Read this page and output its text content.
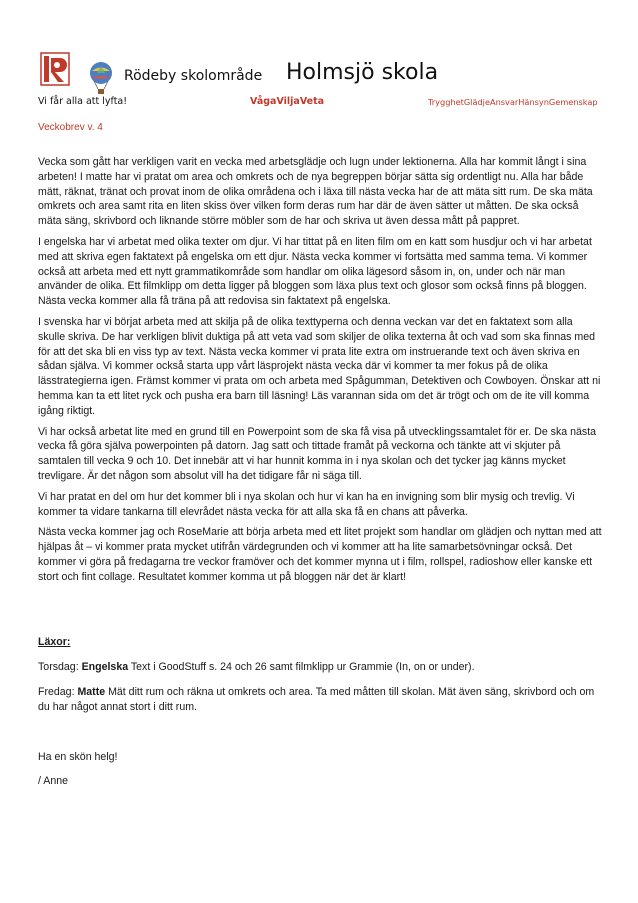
Rödeby skolområde Holmsjö skola
Vi får alla att lyfta!	VågaViljaVeta	TrygghetGlädjeAnsvarHänsynGemenskap
Veckobrev v. 4

Vecka som gått har verkligen varit en vecka med arbetsglädje och lugn under lektionerna. Alla har kommit långt i sina arbeten! I matte har vi pratat om area och omkrets och de nya begreppen börjar sätta sig ordentligt nu. Alla har både mätt, räknat, tränat och provat inom de olika områdena och i läxa till nästa vecka har de att mäta sitt rum. De ska mäta omkrets och area samt rita en liten skiss över vilken form deras rum har där de även sätter ut måtten. De ska också mäta säng, skrivbord och liknande större möbler som de har och skriva ut även dessa mått på pappret.

I engelska har vi arbetat med olika texter om djur. Vi har tittat på en liten film om en katt som husdjur och vi har arbetat med att skriva egen faktatext på engelska om ett djur. Nästa vecka kommer vi fortsätta med samma tema. Vi kommer också att arbeta med ett nytt grammatikområde som handlar om olika lägesord såsom in, on, under och när man använder de olika. Ett filmklipp om detta ligger på bloggen som läxa plus text och glosor som också finns på bloggen. Nästa vecka kommer alla få träna på att redovisa sin faktatext på engelska.

I svenska har vi börjat arbeta med att skilja på de olika texttyperna och denna veckan var det en faktatext som alla skulle skriva. De har verkligen blivit duktiga på att veta vad som skiljer de olika texterna åt och vad som ska finnas med för att det ska bli en viss typ av text. Nästa vecka kommer vi prata lite extra om instruerande text och även skriva en sådan själva. Vi kommer också starta upp vårt läsprojekt nästa vecka där vi kommer ta mer fokus på de olika lässtrategierna igen. Främst kommer vi prata om och arbeta med Spågumman, Detektiven och Cowboyen. Önskar att ni hemma kan ta ett litet ryck och pusha era barn till läsning! Läs varannan sida om det är trögt och om de ite vill komma igång riktigt.

Vi har också arbetat lite med en grund till en Powerpoint som de ska få visa på utvecklingssamtalet för er. De ska nästa vecka få göra själva powerpointen på datorn. Jag satt och tittade framåt på veckorna och tänkte att vi skjuter på samtalen till vecka 9 och 10. Det innebär att vi har hunnit komma in i nya skolan och det tycker jag känns mycket trevligare. Är det någon som absolut vill ha det tidigare får ni säga till.

Vi har pratat en del om hur det kommer bli i nya skolan och hur vi kan ha en invigning som blir mysig och trevlig. Vi kommer ta vidare tankarna till elevrådet nästa vecka för att alla ska få en chans att påverka.

Nästa vecka kommer jag och RoseMarie att börja arbeta med ett litet projekt som handlar om glädjen och nyttan med att hjälpas åt – vi kommer prata mycket utifrån värdegrunden och vi kommer att ha lite samarbetsövningar också. Det kommer vi göra på fredagarna tre veckor framöver och det kommer mynna ut i film, rollspel, radioshow eller kanske ett stort och fint collage. Resultatet kommer komma ut på bloggen när det är klart!

Läxor:
Torsdag: Engelska Text i GoodStuff s. 24 och 26 samt filmklipp ur Grammie (In, on or under).
Fredag: Matte Mät ditt rum och räkna ut omkrets och area. Ta med måtten till skolan. Mät även säng, skrivbord och om du har något annat stort i ditt rum.
Ha en skön helg!
/ Anne
